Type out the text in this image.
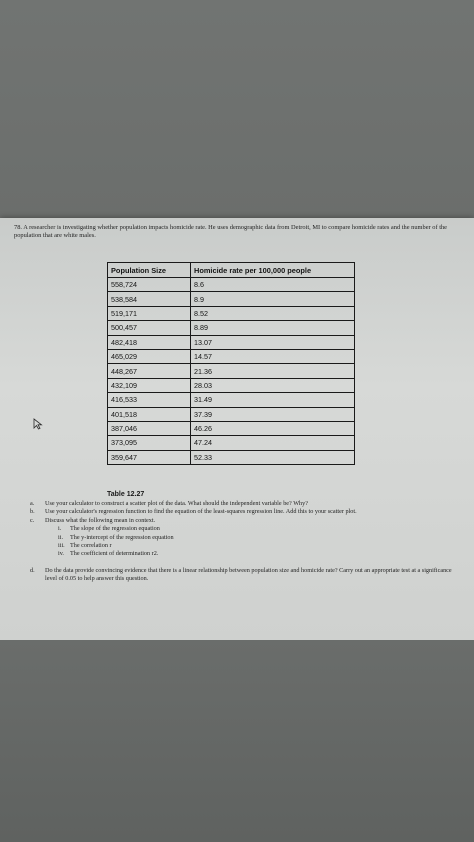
78. A researcher is investigating whether population impacts homicide rate. He uses demographic data from Detroit, MI to compare homicide rates and the number of the population that are white males.
Population Size	Homicide rate per 100,000 people
558,724	8.6
538,584	8.9
519,171	8.52
500,457	8.89
482,418	13.07
465,029	14.57
448,267	21.36
432,109	28.03
416,533	31.49
401,518	37.39
387,046	46.26
373,095	47.24
359,647	52.33
Table 12.27
a.	Use your calculator to construct a scatter plot of the data. What should the independent variable be? Why?
b.	Use your calculator's regression function to find the equation of the least-squares regression line. Add this to your scatter plot.
c.	Discuss what the following mean in context.
i.	The slope of the regression equation
ii.	The y-intercept of the regression equation
iii. The correlation r
iv. The coefficient of determination r2.
d.	Do the data provide convincing evidence that there is a linear relationship between population size and homicide rate? Carry out an appropriate test at a significance level of 0.05 to help answer this question.
